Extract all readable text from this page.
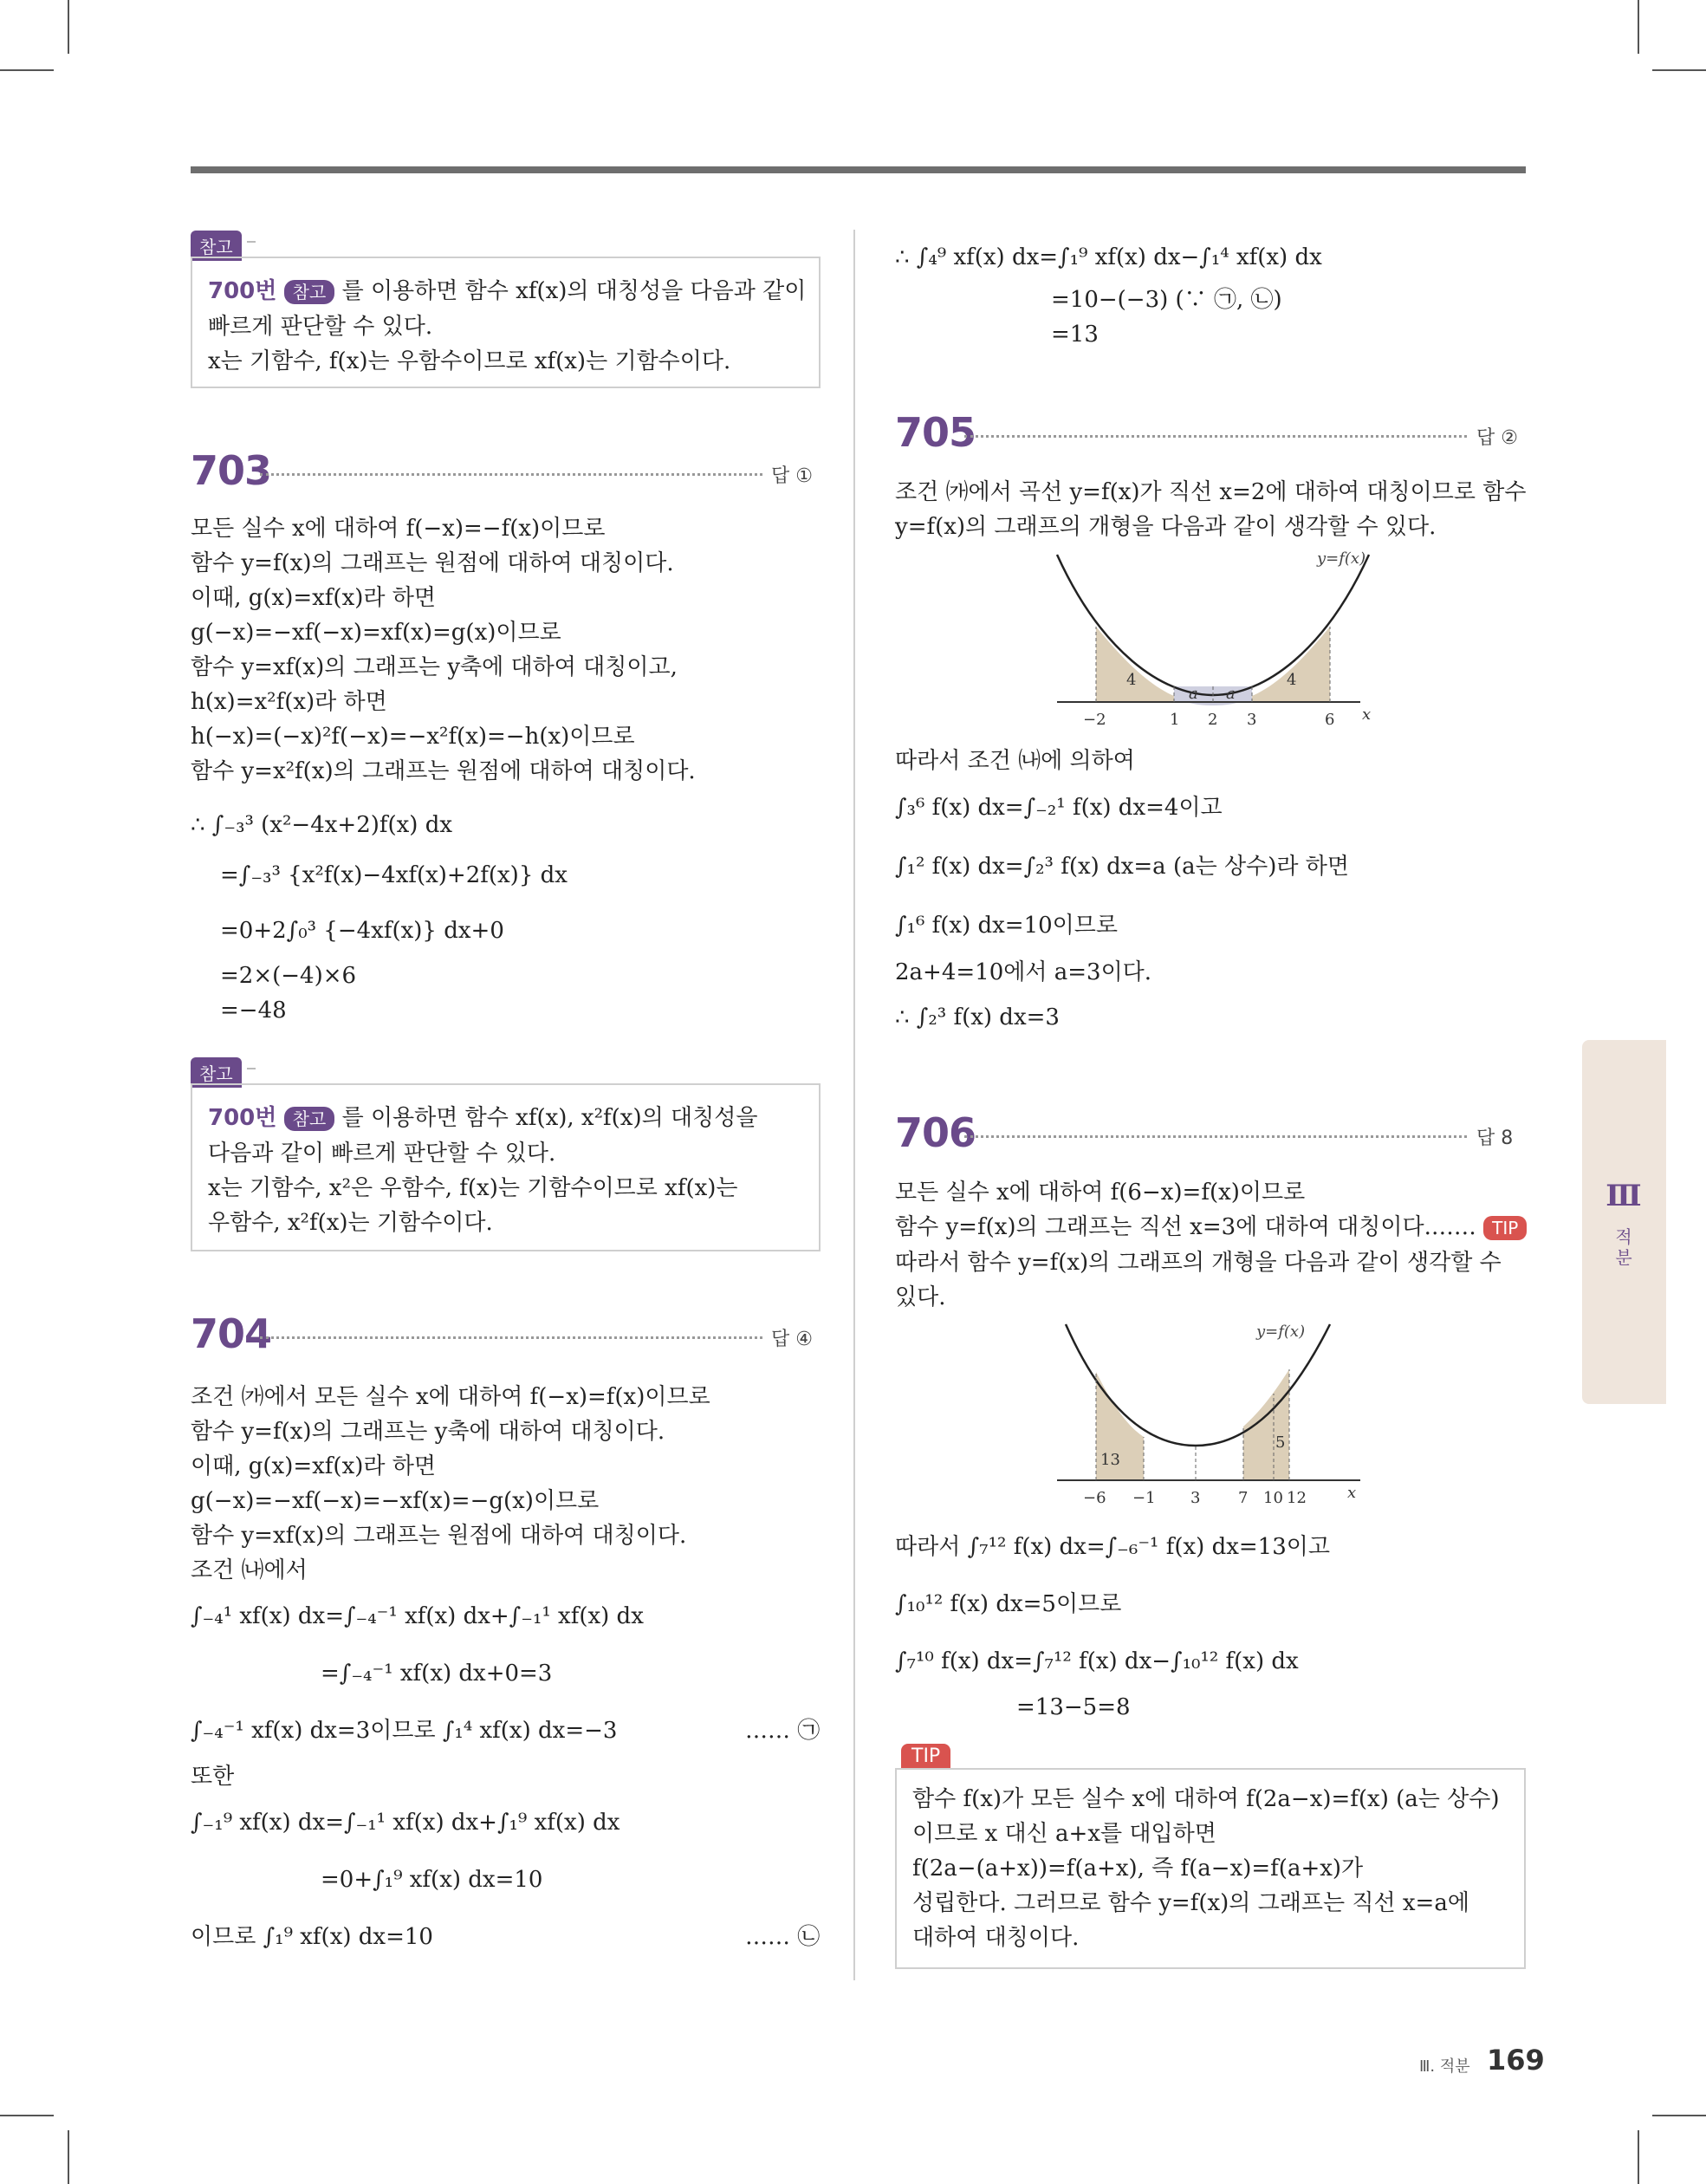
참고
700번 참고 를 이용하면 함수 xf(x)의 대칭성을 다음과 같이
빠르게 판단할 수 있다.
x는 기함수, f(x)는 우함수이므로 xf(x)는 기함수이다.
703	답 ①
모든 실수 x에 대하여 f(−x)=−f(x)이므로
함수 y=f(x)의 그래프는 원점에 대하여 대칭이다.
이때, g(x)=xf(x)라 하면
g(−x)=−xf(−x)=xf(x)=g(x)이므로
함수 y=xf(x)의 그래프는 y축에 대하여 대칭이고,
h(x)=x²f(x)라 하면
h(−x)=(−x)²f(−x)=−x²f(x)=−h(x)이므로
함수 y=x²f(x)의 그래프는 원점에 대하여 대칭이다.
∴ ∫₋₃³ (x²−4x+2)f(x) dx
=∫₋₃³ {x²f(x)−4xf(x)+2f(x)} dx
=0+2∫₀³ {−4xf(x)} dx+0
=2×(−4)×6
=−48
참고
700번 참고 를 이용하면 함수 xf(x), x²f(x)의 대칭성을
다음과 같이 빠르게 판단할 수 있다.
x는 기함수, x²은 우함수, f(x)는 기함수이므로 xf(x)는
우함수, x²f(x)는 기함수이다.
704	답 ④
조건 ㈎에서 모든 실수 x에 대하여 f(−x)=f(x)이므로
함수 y=f(x)의 그래프는 y축에 대하여 대칭이다.
이때, g(x)=xf(x)라 하면
g(−x)=−xf(−x)=−xf(x)=−g(x)이므로
함수 y=xf(x)의 그래프는 원점에 대하여 대칭이다.
조건 ㈏에서
∫₋₄¹ xf(x) dx=∫₋₄⁻¹ xf(x) dx+∫₋₁¹ xf(x) dx
=∫₋₄⁻¹ xf(x) dx+0=3
∫₋₄⁻¹ xf(x) dx=3이므로 ∫₁⁴ xf(x) dx=−3	…… ㉠
또한
∫₋₁⁹ xf(x) dx=∫₋₁¹ xf(x) dx+∫₁⁹ xf(x) dx
=0+∫₁⁹ xf(x) dx=10
이므로 ∫₁⁹ xf(x) dx=10	…… ㉡
∴ ∫₄⁹ xf(x) dx=∫₁⁹ xf(x) dx−∫₁⁴ xf(x) dx
=10−(−3) (∵ ㉠, ㉡)
=13
705	답 ②
조건 ㈎에서 곡선 y=f(x)가 직선 x=2에 대하여 대칭이므로 함수
y=f(x)의 그래프의 개형을 다음과 같이 생각할 수 있다.
y=f(x)
4	4
a a
−2	1 2 3	6 x
따라서 조건 ㈏에 의하여
∫₃⁶ f(x) dx=∫₋₂¹ f(x) dx=4이고
∫₁² f(x) dx=∫₂³ f(x) dx=a (a는 상수)라 하면
∫₁⁶ f(x) dx=10이므로
2a+4=10에서 a=3이다.
∴ ∫₂³ f(x) dx=3
706	답 8
모든 실수 x에 대하여 f(6−x)=f(x)이므로
함수 y=f(x)의 그래프는 직선 x=3에 대하여 대칭이다.…… TIP
따라서 함수 y=f(x)의 그래프의 개형을 다음과 같이 생각할 수
있다.
y=f(x)
13
5
−6 −1 3 7 10 12	x
따라서 ∫₇¹² f(x) dx=∫₋₆⁻¹ f(x) dx=13이고
∫₁₀¹² f(x) dx=5이므로
∫₇¹⁰ f(x) dx=∫₇¹² f(x) dx−∫₁₀¹² f(x) dx
=13−5=8
TIP
함수 f(x)가 모든 실수 x에 대하여 f(2a−x)=f(x) (a는 상수)
이므로 x 대신 a+x를 대입하면
f(2a−(a+x))=f(a+x), 즉 f(a−x)=f(a+x)가
성립한다. 그러므로 함수 y=f(x)의 그래프는 직선 x=a에
대하여 대칭이다.
Ⅲ
적
분
Ⅲ. 적분 169
